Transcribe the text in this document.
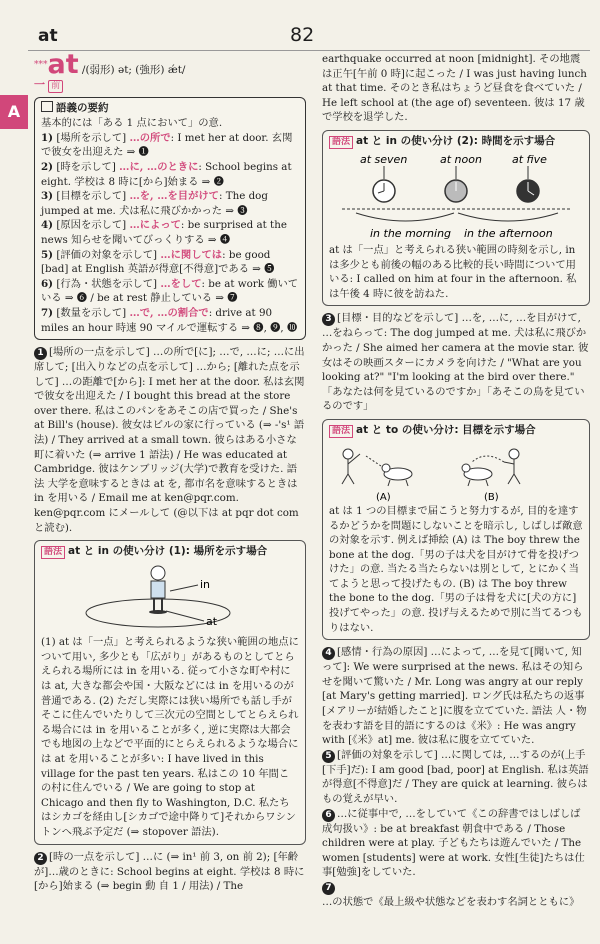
at	82
A
***at /(弱形) ət; (強形) ǽt/
一 前
語義の要約

基本的には「ある 1 点において」の意.

1) [場所を示して] …の所で: I met her at door. 玄関で彼女を出迎えた ⇒ ❶

2) [時を示して] …に, …のときに: School begins at eight. 学校は 8 時に[から]始まる ⇒ ❷

3) [目標を示して] …を, …を目がけて: The dog jumped at me. 犬は私に飛びかかった ⇒ ❸

4) [原因を示して] …によって: be surprised at the news 知らせを聞いてびっくりする ⇒ ❹

5) [評価の対象を示して] …に関しては: be good [bad] at English 英語が得意[不得意]である ⇒ ❺

6) [行為・状態を示して] …をして: be at work 働いている ⇒ ❻ / be at rest 静止している ⇒ ❼

7) [数量を示して] …で, …の割合で: drive at 90 miles an hour 時速 90 マイルで運転する ⇒ ❽, ❾, ❿

1 [場所の一点を示して] …の所で[に]; …で, …に; …に出席して; [出入りなどの点を示して] …から; [離れた点を示して] …の距離で[から]: I met her at the door. 私は玄関で彼女を出迎えた / I bought this bread at the store over there. 私はこのパンをあそこの店で買った / She's at Bill's (house). 彼女はビルの家に行っている (⇒ -'s¹ 語法) / They arrived at a small town. 彼らはある小さな町に着いた (⇒ arrive 1 語法) / He was educated at Cambridge. 彼はケンブリッジ(大学)で教育を受けた. 語法 大学を意味するときは at を, 都市名を意味するときは in を用いる / Email me at ken@pqr.com. ken@pqr.com にメールして (@以下は at pqr dot com と読む).

語法 at と in の使い分け (1): 場所を示す場合
in
at

(1) at は「一点」と考えられるような狭い範囲の地点について用い, 多少とも「広がり」があるものとしてとらえられる場所には in を用いる. 従って小さな町や村には at, 大きな都会や国・大阪などには in を用いるのが普通である. (2) ただし実際には狭い場所でも話し手がそこに住んでいたりして三次元の空間としてとらえられる場合には in を用いることが多く, 逆に実際は大都会でも地図の上などで平面的にとらえられるような場合には at を用いることが多い: I have lived in this village for the past ten years. 私はこの 10 年間この村に住んでいる / We are going to stop at Chicago and then fly to Washington, D.C. 私たちはシカゴを経由し[シカゴで途中降りて]それからワシントンへ飛ぶ予定だ (⇒ stopover 語法).

2 [時の一点を示して] …に (⇒ in¹ 前 3, on 前 2); [年齢が]…歳のときに: School begins at eight. 学校は 8 時に[から]始まる (⇒ begin 動 自 1 / 用法) / The

earthquake occurred at noon [midnight]. その地震は正午[午前 0 時]に起こった / I was just having lunch at that time. そのとき私はちょうど昼食を食べていた / He left school at (the age of) seventeen. 彼は 17 歳で学校を退学した.

語法 at と in の使い分け (2): 時間を示す場合
at seven	at noon	at five
in the morning in the afternoon

at は「一点」と考えられる狭い範囲の時刻を示し, in は多少とも前後の幅のある比較的長い時間について用いる: I called on him at four in the afternoon. 私は午後 4 時に彼を訪ねた.

3 [目標・目的などを示して] …を, …に, …を目がけて, …をねらって: The dog jumped at me. 犬は私に飛びかかった / She aimed her camera at the movie star. 彼女はその映画スターにカメラを向けた / "What are you looking at?" "I'm looking at the bird over there." 「あなたは何を見ているのですか」「あそこの鳥を見ているのです」

語法 at と to の使い分け: 目標を示す場合
(A)	(B)

at は 1 つの目標まで届こうと努力するが, 目的を達するかどうかを問題にしないことを暗示し, しばしば敵意の対象を示す. 例えば挿絵 (A) は The boy threw the bone at the dog.「男の子は犬を目がけて骨を投げつけた」の意. 当たる当たらないは別として, とにかく当てようと思って投げたもの. (B) は The boy threw the bone to the dog.「男の子は骨を犬に[犬の方に]投げてやった」の意. 投げ与えるためで別に当てるつもりはない.

4 [感情・行為の原因] …によって, …を見て[聞いて, 知って]: We were surprised at the news. 私はその知らせを聞いて驚いた / Mr. Long was angry at our reply [at Mary's getting married]. ロング氏は私たちの返事[メアリーが結婚したこと]に腹を立てていた. 語法 人・物を表わす語を目的語にするのは《米》: He was angry with [《米》at] me. 彼は私に腹を立てていた.

5 [評価の対象を示して] …に関しては, …するのが(上手[下手]だ): I am good [bad, poor] at English. 私は英語が得意[不得意]だ / They are quick at learning. 彼らはもの覚えが早い.

6 …に従事中で, …をしていて《この辞書ではしばしば成句扱い》: be at breakfast 朝食中である / Those children were at play. 子どもたちは遊んでいた / The women [students] were at work. 女性[生徒]たちは仕事[勉強]をしていた.

7…の状態で《最上級や状態などを表わす名詞とともに》
